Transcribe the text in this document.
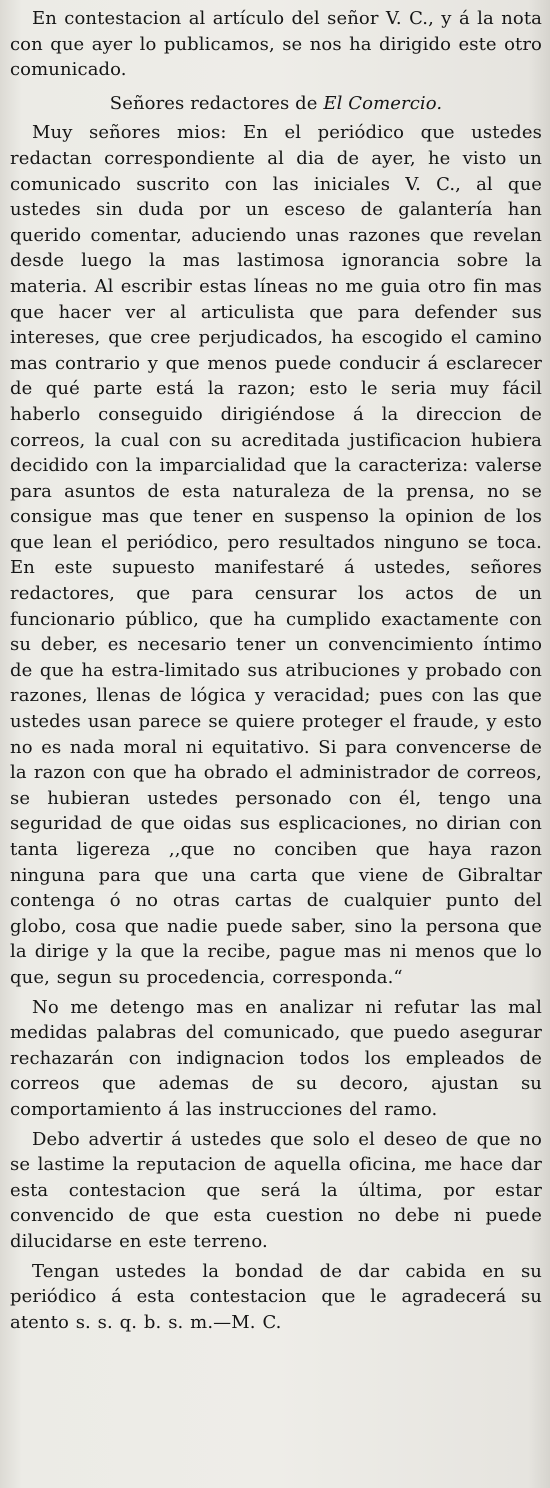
En contestacion al artículo del señor V. C., y á la nota con que ayer lo publicamos, se nos ha dirigido este otro comunicado.

Señores redactores de El Comercio.

Muy señores mios: En el periódico que ustedes redactan correspondiente al dia de ayer, he visto un comunicado suscrito con las iniciales V. C., al que ustedes sin duda por un esceso de galantería han querido comentar, aduciendo unas razones que revelan desde luego la mas lastimosa ignorancia sobre la materia. Al escribir estas líneas no me guia otro fin mas que hacer ver al articulista que para defender sus intereses, que cree perjudicados, ha escogido el camino mas contrario y que menos puede conducir á esclarecer de qué parte está la razon; esto le seria muy fácil haberlo conseguido dirigiéndose á la direccion de correos, la cual con su acreditada justificacion hubiera decidido con la imparcialidad que la caracteriza: valerse para asuntos de esta naturaleza de la prensa, no se consigue mas que tener en suspenso la opinion de los que lean el periódico, pero resultados ninguno se toca. En este supuesto manifestaré á ustedes, señores redactores, que para censurar los actos de un funcionario público, que ha cumplido exactamente con su deber, es necesario tener un convencimiento íntimo de que ha estra-limitado sus atribuciones y probado con razones, llenas de lógica y veracidad; pues con las que ustedes usan parece se quiere proteger el fraude, y esto no es nada moral ni equitativo. Si para convencerse de la razon con que ha obrado el administrador de correos, se hubieran ustedes personado con él, tengo una seguridad de que oidas sus esplicaciones, no dirian con tanta ligereza ,,que no conciben que haya razon ninguna para que una carta que viene de Gibraltar contenga ó no otras cartas de cualquier punto del globo, cosa que nadie puede saber, sino la persona que la dirige y la que la recibe, pague mas ni menos que lo que, segun su procedencia, corresponda.“

No me detengo mas en analizar ni refutar las mal medidas palabras del comunicado, que puedo asegurar rechazarán con indignacion todos los empleados de correos que ademas de su decoro, ajustan su comportamiento á las instrucciones del ramo.

Debo advertir á ustedes que solo el deseo de que no se lastime la reputacion de aquella oficina, me hace dar esta contestacion que será la última, por estar convencido de que esta cuestion no debe ni puede dilucidarse en este terreno.

Tengan ustedes la bondad de dar cabida en su periódico á esta contestacion que le agradecerá su atento s. s. q. b. s. m.—M. C.
